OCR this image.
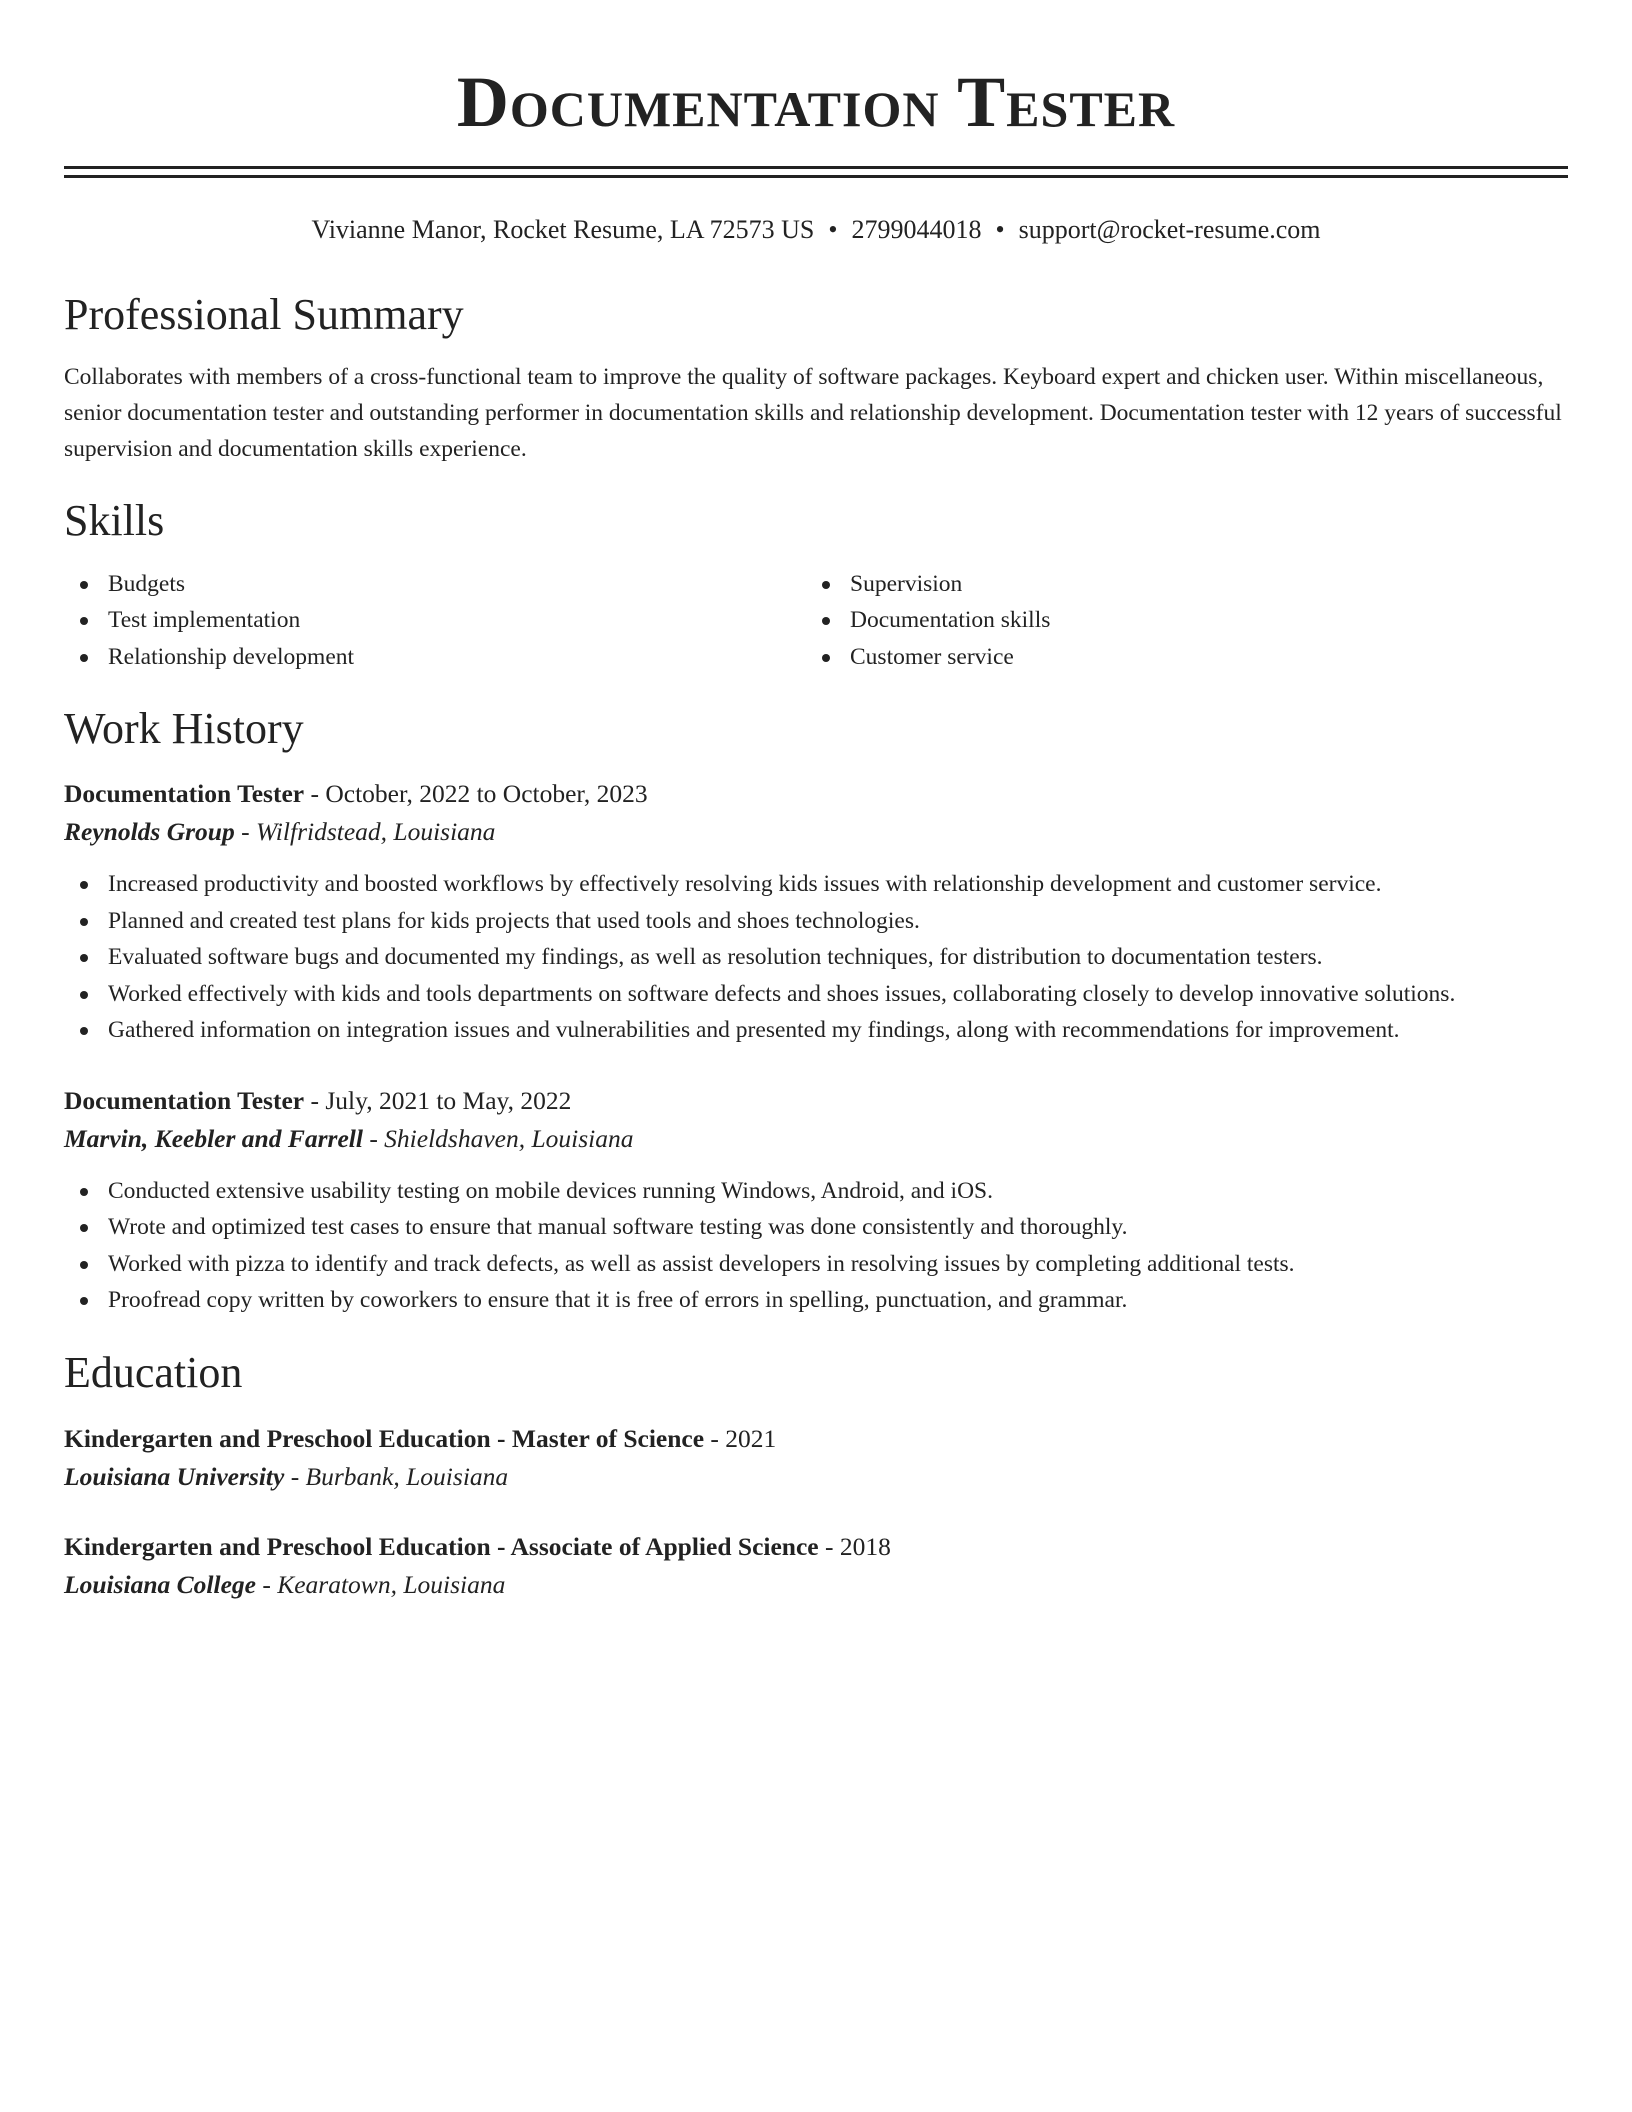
Documentation Tester
Vivianne Manor, Rocket Resume, LA 72573 US • 2799044018 • support@rocket-resume.com
Professional Summary

Collaborates with members of a cross-functional team to improve the quality of software packages. Keyboard expert and chicken user. Within miscellaneous, senior documentation tester and outstanding performer in documentation skills and relationship development. Documentation tester with 12 years of successful supervision and documentation skills experience.

Skills
Budgets
Test implementation
Relationship development
Supervision
Documentation skills
Customer service
Work History
Documentation Tester - October, 2022 to October, 2023
Reynolds Group - Wilfridstead, Louisiana
Increased productivity and boosted workflows by effectively resolving kids issues with relationship development and customer service.
Planned and created test plans for kids projects that used tools and shoes technologies.
Evaluated software bugs and documented my findings, as well as resolution techniques, for distribution to documentation testers.
Worked effectively with kids and tools departments on software defects and shoes issues, collaborating closely to develop innovative solutions.
Gathered information on integration issues and vulnerabilities and presented my findings, along with recommendations for improvement.
Documentation Tester - July, 2021 to May, 2022
Marvin, Keebler and Farrell - Shieldshaven, Louisiana
Conducted extensive usability testing on mobile devices running Windows, Android, and iOS.
Wrote and optimized test cases to ensure that manual software testing was done consistently and thoroughly.
Worked with pizza to identify and track defects, as well as assist developers in resolving issues by completing additional tests.
Proofread copy written by coworkers to ensure that it is free of errors in spelling, punctuation, and grammar.
Education
Kindergarten and Preschool Education - Master of Science - 2021
Louisiana University - Burbank, Louisiana
Kindergarten and Preschool Education - Associate of Applied Science - 2018
Louisiana College - Kearatown, Louisiana
